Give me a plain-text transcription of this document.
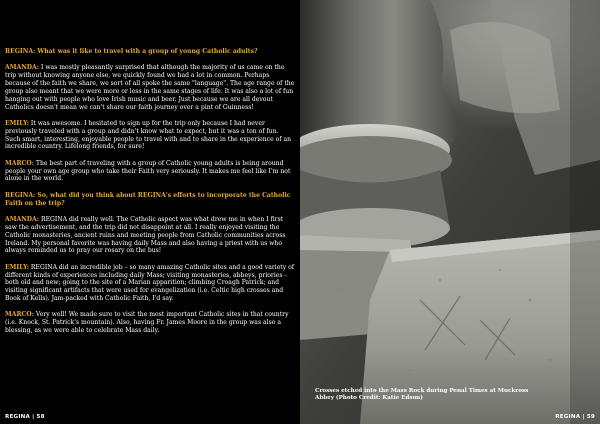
REGINA: What was it like to travel with a group of young Catholic adults?

AMANDA: I was mostly pleasantly surprised that although the majority of us came on the trip without knowing anyone else, we quickly found we had a lot in common. Perhaps because of the faith we share, we sort of all spoke the same "language". The age range of the group also meant that we were more or less in the same stages of life. It was also a lot of fun hanging out with people who love Irish music and beer. Just because we are all devout Catholics doesn't mean we can't share our faith journey over a pint of Guinness!

EMILY: It was awesome. I hesitated to sign up for the trip only because I had never previously traveled with a group and didn't know what to expect, but it was a ton of fun. Such smart, interesting, enjoyable people to travel with and to share in the experience of an incredible country. Lifelong friends, for sure!

MARCO: The best part of traveling with a group of Catholic young adults is being around people your own age group who take their Faith very seriously. It makes me feel like I'm not alone in the world.

REGINA: So, what did you think about REGINA's efforts to incorporate the Catholic Faith on the trip?

AMANDA: REGINA did really well. The Catholic aspect was what drew me in when I first saw the advertisement, and the trip did not disappoint at all. I really enjoyed visiting the Catholic monasteries, ancient ruins and meeting people from Catholic communities across Ireland. My personal favorite was having daily Mass and also having a priest with us who always reminded us to pray our rosary on the bus!

EMILY: REGINA did an incredible job – so many amazing Catholic sites and a good variety of different kinds of experiences including daily Mass; visiting monasteries, abbeys, priories - both old and new; going to the site of a Marian apparition; climbing Croagh Patrick; and visiting significant artifacts that were used for evangelization (i.e. Celtic high crosses and Book of Kells). Jam-packed with Catholic Faith, I'd say.

MARCO: Very well! We made sure to visit the most important Catholic sites in that country (i.e. Knock, St. Patrick's mountain). Also, having Fr. James Moore in the group was also a blessing, as we were able to celebrate Mass daily.

REGINA | 58
Crosses etched into the Mass Rock during Penal Times at Muckross Abbey (Photo Credit: Katie Edson)
REGINA | 59
